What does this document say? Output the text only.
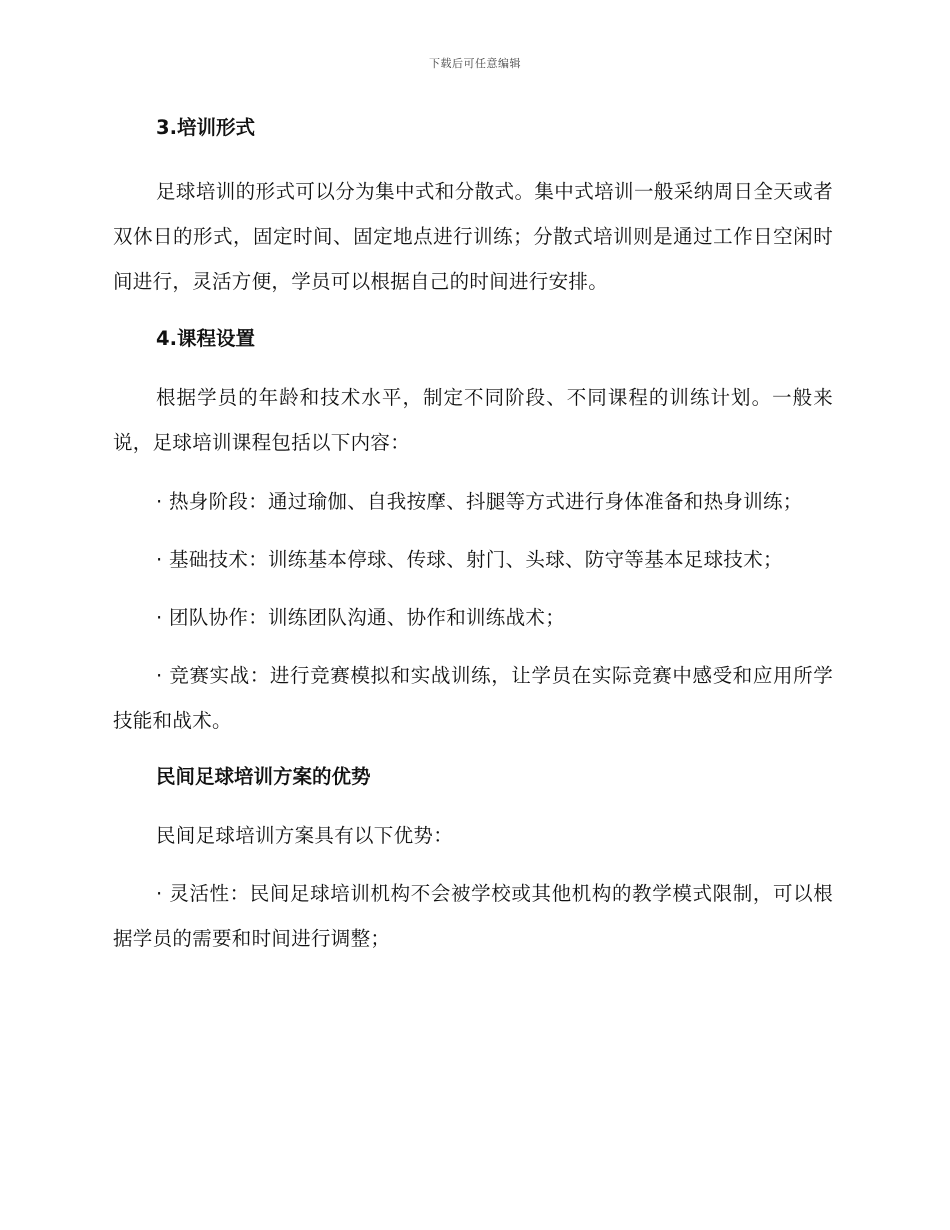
下载后可任意编辑
3.培训形式

足球培训的形式可以分为集中式和分散式。集中式培训一般采纳周日全天或者双休日的形式，固定时间、固定地点进行训练；分散式培训则是通过工作日空闲时间进行，灵活方便，学员可以根据自己的时间进行安排。

4.课程设置

根据学员的年龄和技术水平，制定不同阶段、不同课程的训练计划。一般来说，足球培训课程包括以下内容：

· 热身阶段：通过瑜伽、自我按摩、抖腿等方式进行身体准备和热身训练；

· 基础技术：训练基本停球、传球、射门、头球、防守等基本足球技术；

· 团队协作：训练团队沟通、协作和训练战术；

· 竞赛实战：进行竞赛模拟和实战训练，让学员在实际竞赛中感受和应用所学技能和战术。

民间足球培训方案的优势

民间足球培训方案具有以下优势：

· 灵活性：民间足球培训机构不会被学校或其他机构的教学模式限制，可以根据学员的需要和时间进行调整；
